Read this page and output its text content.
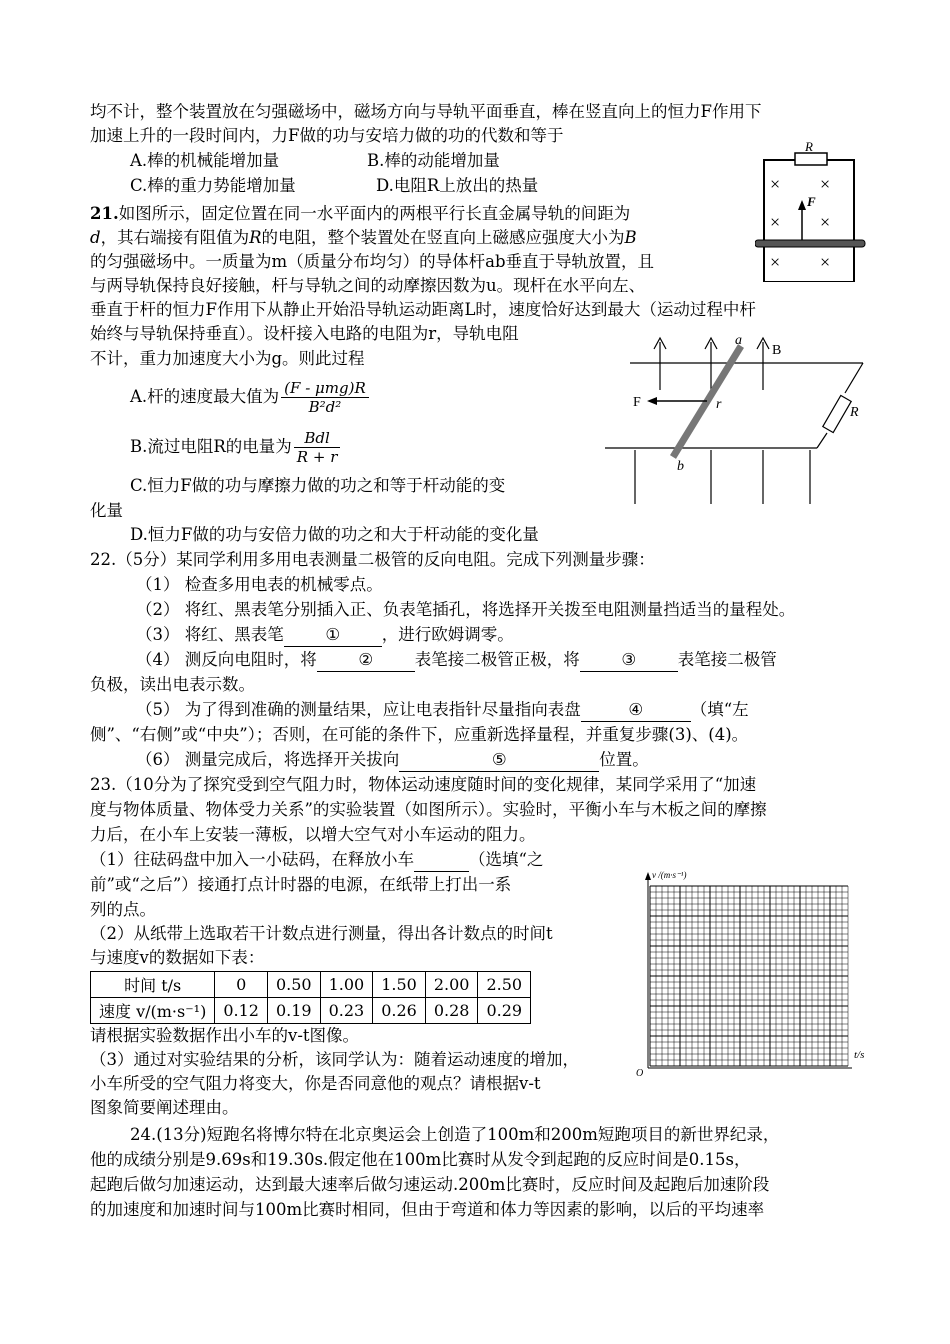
均不计，整个装置放在匀强磁场中，磁场方向与导轨平面垂直，棒在竖直向上的恒力F作用下
加速上升的一段时间内，力F做的功与安培力做的功的代数和等于
A.棒的机械能增加量	B.棒的动能增加量
C.棒的重力势能增加量	D.电阻R上放出的热量
R
× ×
× ×
F
× ×
21.如图所示，固定位置在同一水平面内的两根平行长直金属导轨的间距为
d，其右端接有阻值为R的电阻，整个装置处在竖直向上磁感应强度大小为B
的匀强磁场中。一质量为m（质量分布均匀）的导体杆ab垂直于导轨放置，且
与两导轨保持良好接触，杆与导轨之间的动摩擦因数为u。现杆在水平向左、
垂直于杆的恒力F作用下从静止开始沿导轨运动距离L时，速度恰好达到最大（运动过程中杆
始终与导轨保持垂直）。设杆接入电路的电阻为r，导轨电阻
不计，重力加速度大小为g。则此过程
A.杆的速度最大值为 $\frac{\text{(F - μmg)R}}{\text{B²d²}}$
B.流过电阻R的电量为 $\frac{\text{Bdl}}{R + r}$
C.恒力F做的功与摩擦力做的功之和等于杆动能的变
化量
D.恒力F做的功与安倍力做的功之和大于杆动能的变化量
R
B
a
b
r
F
22.（5分）某同学利用多用电表测量二极管的反向电阻。完成下列测量步骤：
（1） 检查多用电表的机械零点。
（2） 将红、黑表笔分别插入正、负表笔插孔，将选择开关拨至电阻测量挡适当的量程处。
（3） 将红、黑表笔	①	，进行欧姆调零。
（4） 测反向电阻时，将	②	表笔接二极管正极，将	③	表笔接二极管
负极，读出电表示数。
（5） 为了得到准确的测量结果，应让电表指针尽量指向表盘	④	（填“左
侧”、“右侧”或“中央”）；否则，在可能的条件下，应重新选择量程，并重复步骤(3)、(4)。
（6） 测量完成后，将选择开关拔向	⑤	位置。
23.（10分为了探究受到空气阻力时，物体运动速度随时间的变化规律，某同学采用了“加速
度与物体质量、物体受力关系”的实验装置（如图所示）。实验时，平衡小车与木板之间的摩擦
力后，在小车上安装一薄板，以增大空气对小车运动的阻力。
（1）往砝码盘中加入一小砝码，在释放小车	（选填“之
前”或“之后”）接通打点计时器的电源，在纸带上打出一系
列的点。
（2）从纸带上选取若干计数点进行测量，得出各计数点的时间t
与速度v的数据如下表：
时间 t/s	0	0.50	1.00	1.50	2.00	2.50
速度 v/(m·s⁻¹)	0.12	0.19	0.23	0.26	0.28	0.29
请根据实验数据作出小车的v-t图像。
（3）通过对实验结果的分析，该同学认为：随着运动速度的增加，
小车所受的空气阻力将变大，你是否同意他的观点？请根据v-t
图象简要阐述理由。
v /(m·s⁻¹)
t/s
O
24.(13分)短跑名将博尔特在北京奥运会上创造了100m和200m短跑项目的新世界纪录，
他的成绩分别是9.69s和19.30s.假定他在100m比赛时从发令到起跑的反应时间是0.15s，
起跑后做匀加速运动，达到最大速率后做匀速运动.200m比赛时，反应时间及起跑后加速阶段
的加速度和加速时间与100m比赛时相同，但由于弯道和体力等因素的影响，以后的平均速率
